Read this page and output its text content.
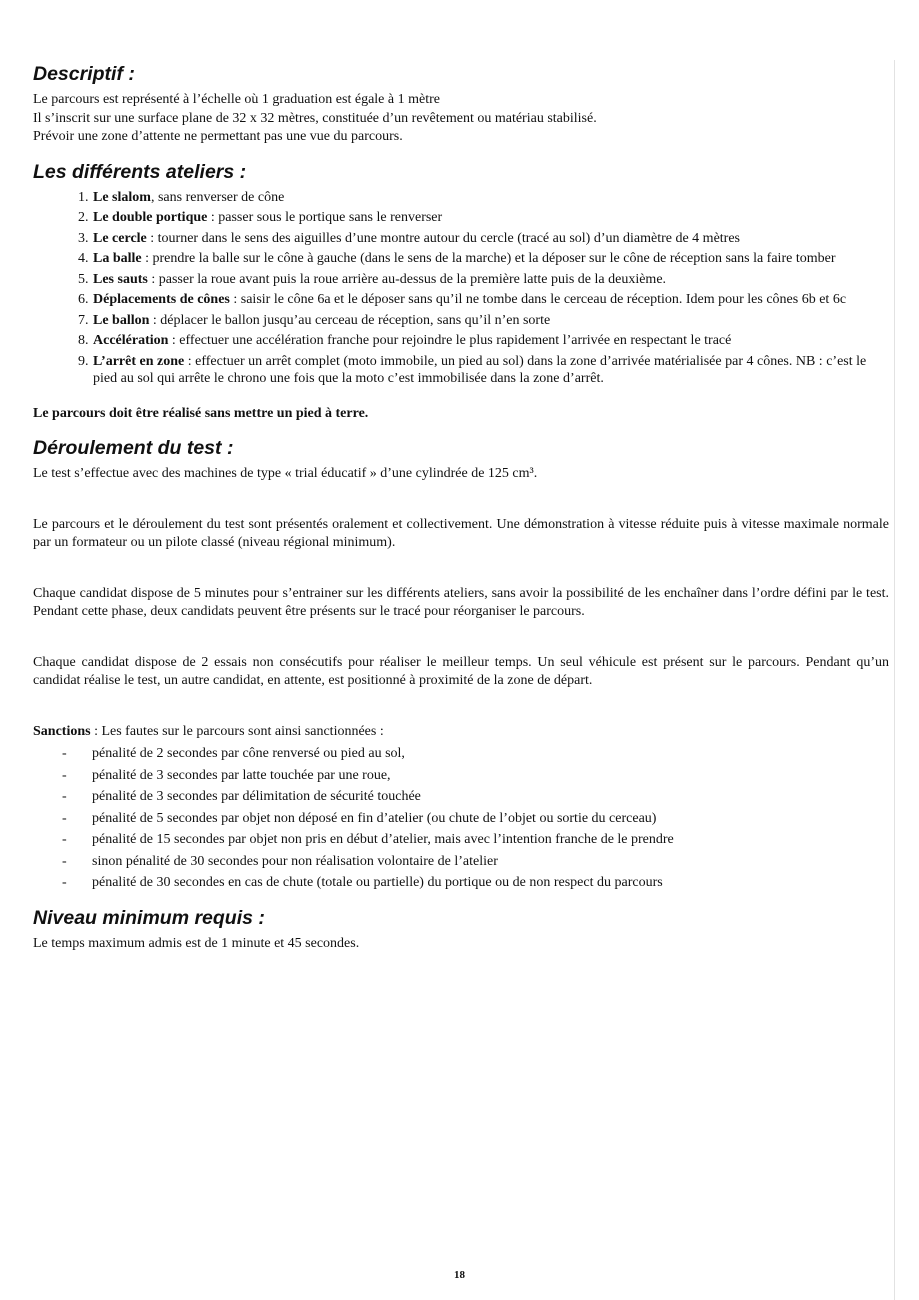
Descriptif :

Le parcours est représenté à l’échelle où 1 graduation est égale à 1 mètre
Il s’inscrit sur une surface plane de 32 x 32 mètres, constituée d’un revêtement ou matériau stabilisé.
Prévoir une zone d’attente ne permettant pas une vue du parcours.

Les différents ateliers :
1. Le slalom, sans renverser de cône
2. Le double portique : passer sous le portique sans le renverser
3. Le cercle : tourner dans le sens des aiguilles d’une montre autour du cercle (tracé au sol) d’un diamètre de 4 mètres
4. La balle : prendre la balle sur le cône à gauche (dans le sens de la marche) et la déposer sur le cône de réception sans la faire tomber
5. Les sauts : passer la roue avant puis la roue arrière au-dessus de la première latte puis de la deuxième.
6. Déplacements de cônes : saisir le cône 6a et le déposer sans qu’il ne tombe dans le cerceau de réception. Idem pour les cônes 6b et 6c
7. Le ballon : déplacer le ballon jusqu’au cerceau de réception, sans qu’il n’en sorte
8. Accélération : effectuer une accélération franche pour rejoindre le plus rapidement l’arrivée en respectant le tracé
9. L’arrêt en zone : effectuer un arrêt complet (moto immobile, un pied au sol) dans la zone d’arrivée matérialisée par 4 cônes. NB : c’est le pied au sol qui arrête le chrono une fois que la moto c’est immobilisée dans la zone d’arrêt.

Le parcours doit être réalisé sans mettre un pied à terre.

Déroulement du test :

Le test s’effectue avec des machines de type « trial éducatif » d’une cylindrée de 125 cm³.

Le parcours et le déroulement du test sont présentés oralement et collectivement. Une démonstration à vitesse réduite puis à vitesse maximale normale par un formateur ou un pilote classé (niveau régional minimum).

Chaque candidat dispose de 5 minutes pour s’entrainer sur les différents ateliers, sans avoir la possibilité de les enchaîner dans l’ordre défini par le test. Pendant cette phase, deux candidats peuvent être présents sur le tracé pour réorganiser le parcours.

Chaque candidat dispose de 2 essais non consécutifs pour réaliser le meilleur temps. Un seul véhicule est présent sur le parcours. Pendant qu’un candidat réalise le test, un autre candidat, en attente, est positionné à proximité de la zone de départ.

Sanctions : Les fautes sur le parcours sont ainsi sanctionnées :

- pénalité de 2 secondes par cône renversé ou pied au sol,
- pénalité de 3 secondes par latte touchée par une roue,
- pénalité de 3 secondes par délimitation de sécurité touchée
- pénalité de 5 secondes par objet non déposé en fin d’atelier (ou chute de l’objet ou sortie du cerceau)
- pénalité de 15 secondes par objet non pris en début d’atelier, mais avec l’intention franche de le prendre
- sinon pénalité de 30 secondes pour non réalisation volontaire de l’atelier
- pénalité de 30 secondes en cas de chute (totale ou partielle) du portique ou de non respect du parcours
Niveau minimum requis :

Le temps maximum admis est de 1 minute et 45 secondes.

18
